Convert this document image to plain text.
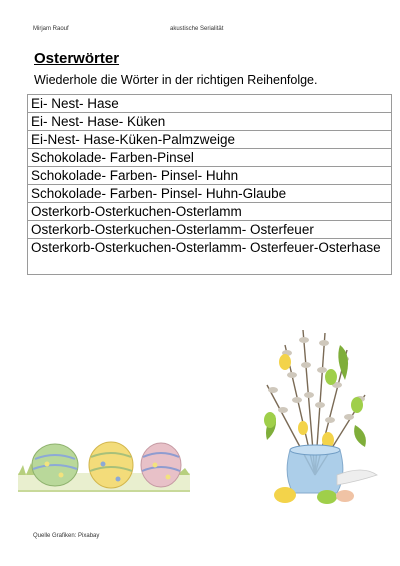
Mirjam Raouf	akustische Serialität
Osterwörter
Wiederhole die Wörter in der richtigen Reihenfolge.
Ei- Nest- Hase
Ei- Nest- Hase- Küken
Ei-Nest- Hase-Küken-Palmzweige
Schokolade- Farben-Pinsel
Schokolade- Farben- Pinsel- Huhn
Schokolade- Farben- Pinsel- Huhn-Glaube
Osterkorb-Osterkuchen-Osterlamm
Osterkorb-Osterkuchen-Osterlamm- Osterfeuer
Osterkorb-Osterkuchen-Osterlamm- Osterfeuer-Osterhase
Quelle Grafiken: Pixabay
